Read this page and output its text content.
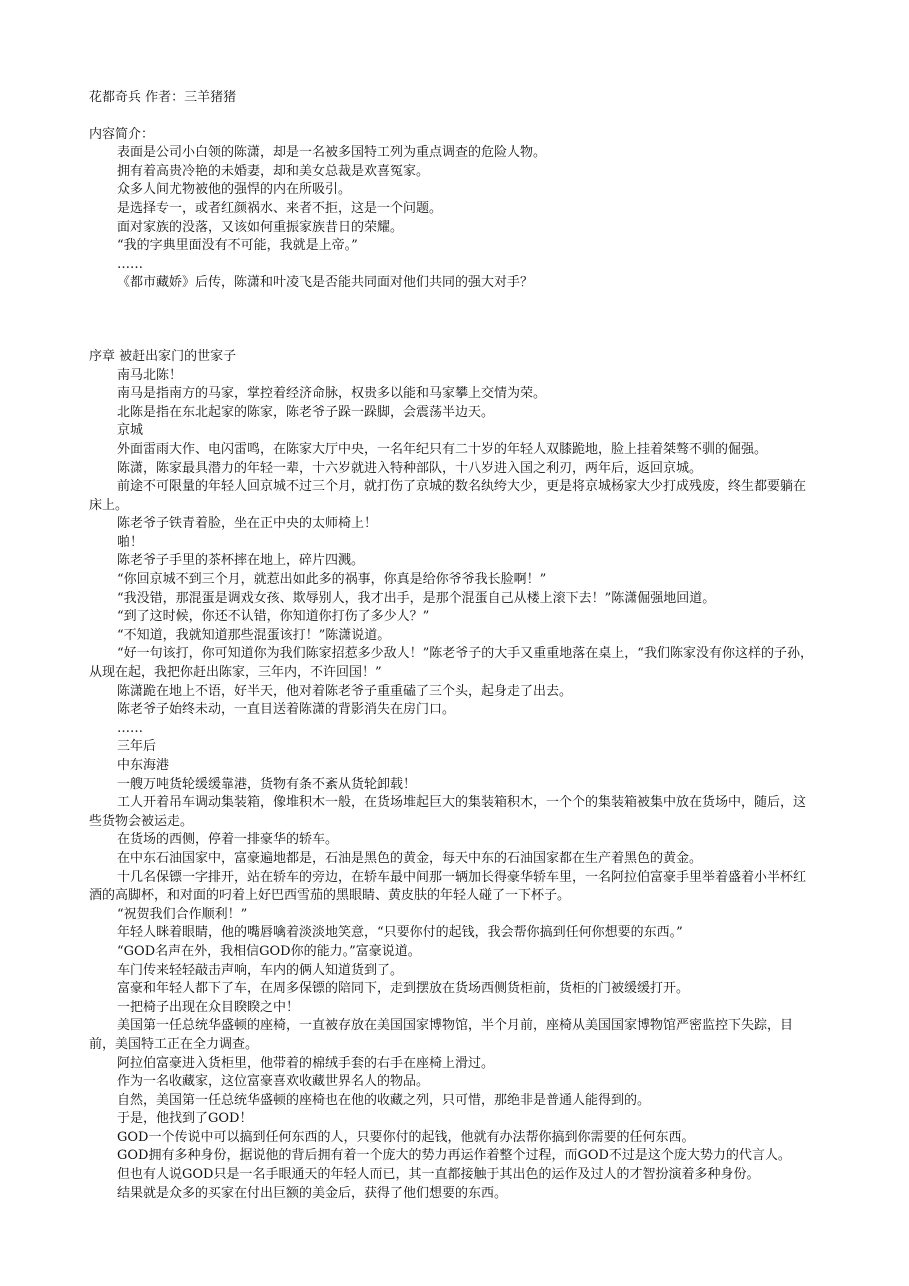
花都奇兵 作者：三羊猪猪

内容简介：

表面是公司小白领的陈潇，却是一名被多国特工列为重点调查的危险人物。

拥有着高贵冷艳的未婚妻，却和美女总裁是欢喜冤家。

众多人间尤物被他的强悍的内在所吸引。

是选择专一，或者红颜祸水、来者不拒，这是一个问题。

面对家族的没落，又该如何重振家族昔日的荣耀。

“我的字典里面没有不可能，我就是上帝。”

……

《都市藏娇》后传，陈潇和叶凌飞是否能共同面对他们共同的强大对手？

序章 被赶出家门的世家子

南马北陈！

南马是指南方的马家，掌控着经济命脉，权贵多以能和马家攀上交情为荣。

北陈是指在东北起家的陈家，陈老爷子跺一跺脚，会震荡半边天。

京城

外面雷雨大作、电闪雷鸣，在陈家大厅中央，一名年纪只有二十岁的年轻人双膝跪地，脸上挂着桀骜不驯的倔强。

陈潇，陈家最具潜力的年轻一辈，十六岁就进入特种部队，十八岁进入国之利刃，两年后，返回京城。

前途不可限量的年轻人回京城不过三个月，就打伤了京城的数名纨绔大少，更是将京城杨家大少打成残废，终生都要躺在床上。

陈老爷子铁青着脸，坐在正中央的太师椅上！

啪！

陈老爷子手里的茶杯摔在地上，碎片四溅。

“你回京城不到三个月，就惹出如此多的祸事，你真是给你爷爷我长脸啊！”

“我没错，那混蛋是调戏女孩、欺辱别人，我才出手，是那个混蛋自己从楼上滚下去！”陈潇倔强地回道。

“到了这时候，你还不认错，你知道你打伤了多少人？”

“不知道，我就知道那些混蛋该打！”陈潇说道。

“好一句该打，你可知道你为我们陈家招惹多少敌人！”陈老爷子的大手又重重地落在桌上，“我们陈家没有你这样的子孙，从现在起，我把你赶出陈家，三年内，不许回国！”

陈潇跪在地上不语，好半天，他对着陈老爷子重重磕了三个头，起身走了出去。

陈老爷子始终未动，一直目送着陈潇的背影消失在房门口。

……

三年后

中东海港

一艘万吨货轮缓缓靠港，货物有条不紊从货轮卸载！

工人开着吊车调动集装箱，像堆积木一般，在货场堆起巨大的集装箱积木，一个个的集装箱被集中放在货场中，随后，这些货物会被运走。

在货场的西侧，停着一排豪华的轿车。

在中东石油国家中，富豪遍地都是，石油是黑色的黄金，每天中东的石油国家都在生产着黑色的黄金。

十几名保镖一字排开，站在轿车的旁边，在轿车最中间那一辆加长得豪华轿车里，一名阿拉伯富豪手里举着盛着小半杯红酒的高脚杯，和对面的叼着上好巴西雪茄的黑眼睛、黄皮肤的年轻人碰了一下杯子。

“祝贺我们合作顺利！”

年轻人眯着眼睛，他的嘴唇噙着淡淡地笑意，“只要你付的起钱，我会帮你搞到任何你想要的东西。”

“GOD名声在外，我相信GOD你的能力。”富豪说道。

车门传来轻轻敲击声响，车内的俩人知道货到了。

富豪和年轻人都下了车，在周多保镖的陪同下，走到摆放在货场西侧货柜前，货柜的门被缓缓打开。

一把椅子出现在众目睽睽之中！

美国第一任总统华盛顿的座椅，一直被存放在美国国家博物馆，半个月前，座椅从美国国家博物馆严密监控下失踪，目前，美国特工正在全力调查。

阿拉伯富豪进入货柜里，他带着的棉绒手套的右手在座椅上滑过。

作为一名收藏家，这位富豪喜欢收藏世界名人的物品。

自然，美国第一任总统华盛顿的座椅也在他的收藏之列，只可惜，那绝非是普通人能得到的。

于是，他找到了GOD！

GOD一个传说中可以搞到任何东西的人，只要你付的起钱，他就有办法帮你搞到你需要的任何东西。

GOD拥有多种身份，据说他的背后拥有着一个庞大的势力再运作着整个过程，而GOD不过是这个庞大势力的代言人。

但也有人说GOD只是一名手眼通天的年轻人而已，其一直都接触于其出色的运作及过人的才智扮演着多种身份。

结果就是众多的买家在付出巨额的美金后，获得了他们想要的东西。
